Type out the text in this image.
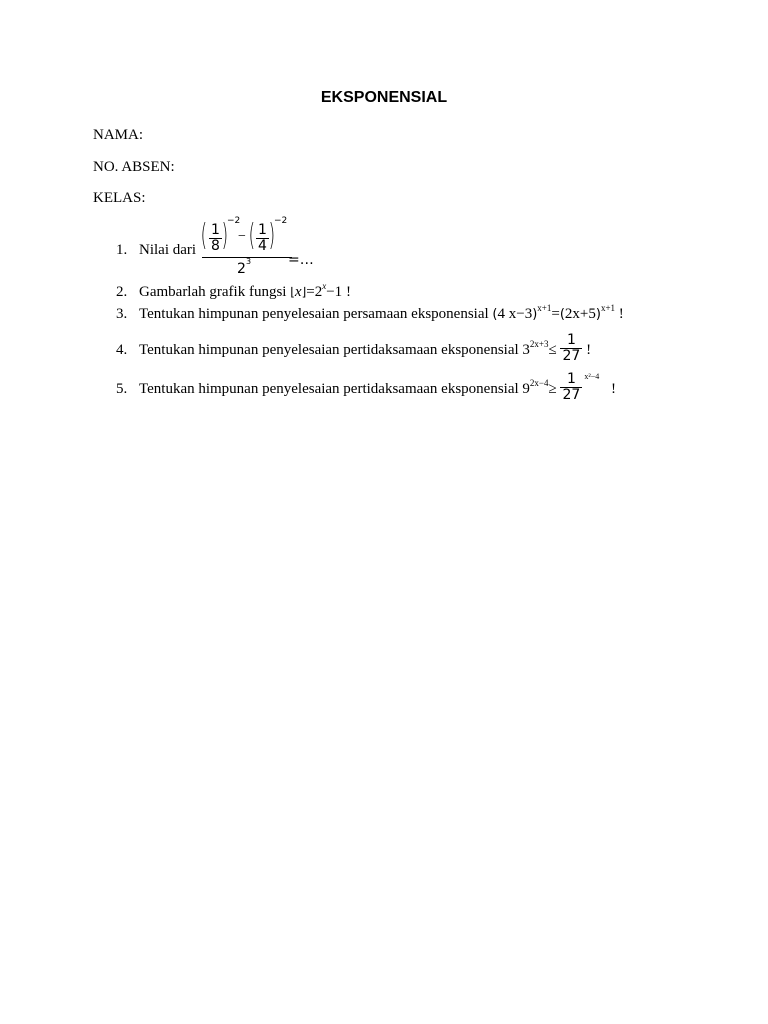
EKSPONENSIAL
NAMA:
NO. ABSEN:
KELAS:
1. Nilai dari ( $\frac{1}{8}$ )
−2
− ( $\frac{1}{4}$ )
−2
2 3	=…
2. Gambarlah grafik fungsi $⌊x⌋=2^x-1$ !
3. Tentukan himpunan penyelesaian persamaan eksponensial (4 $x-3)^{x+1}=(2x+5)^{x+1}$ !
4. Tentukan himpunan penyelesaian pertidaksamaan eksponensial $3^{2x+3}\le \frac{1}{27}$ !
5. Tentukan himpunan penyelesaian pertidaksamaan eksponensial $9^{2x-4}\ge \frac{1}{27} ^{x^2-4}$ !
